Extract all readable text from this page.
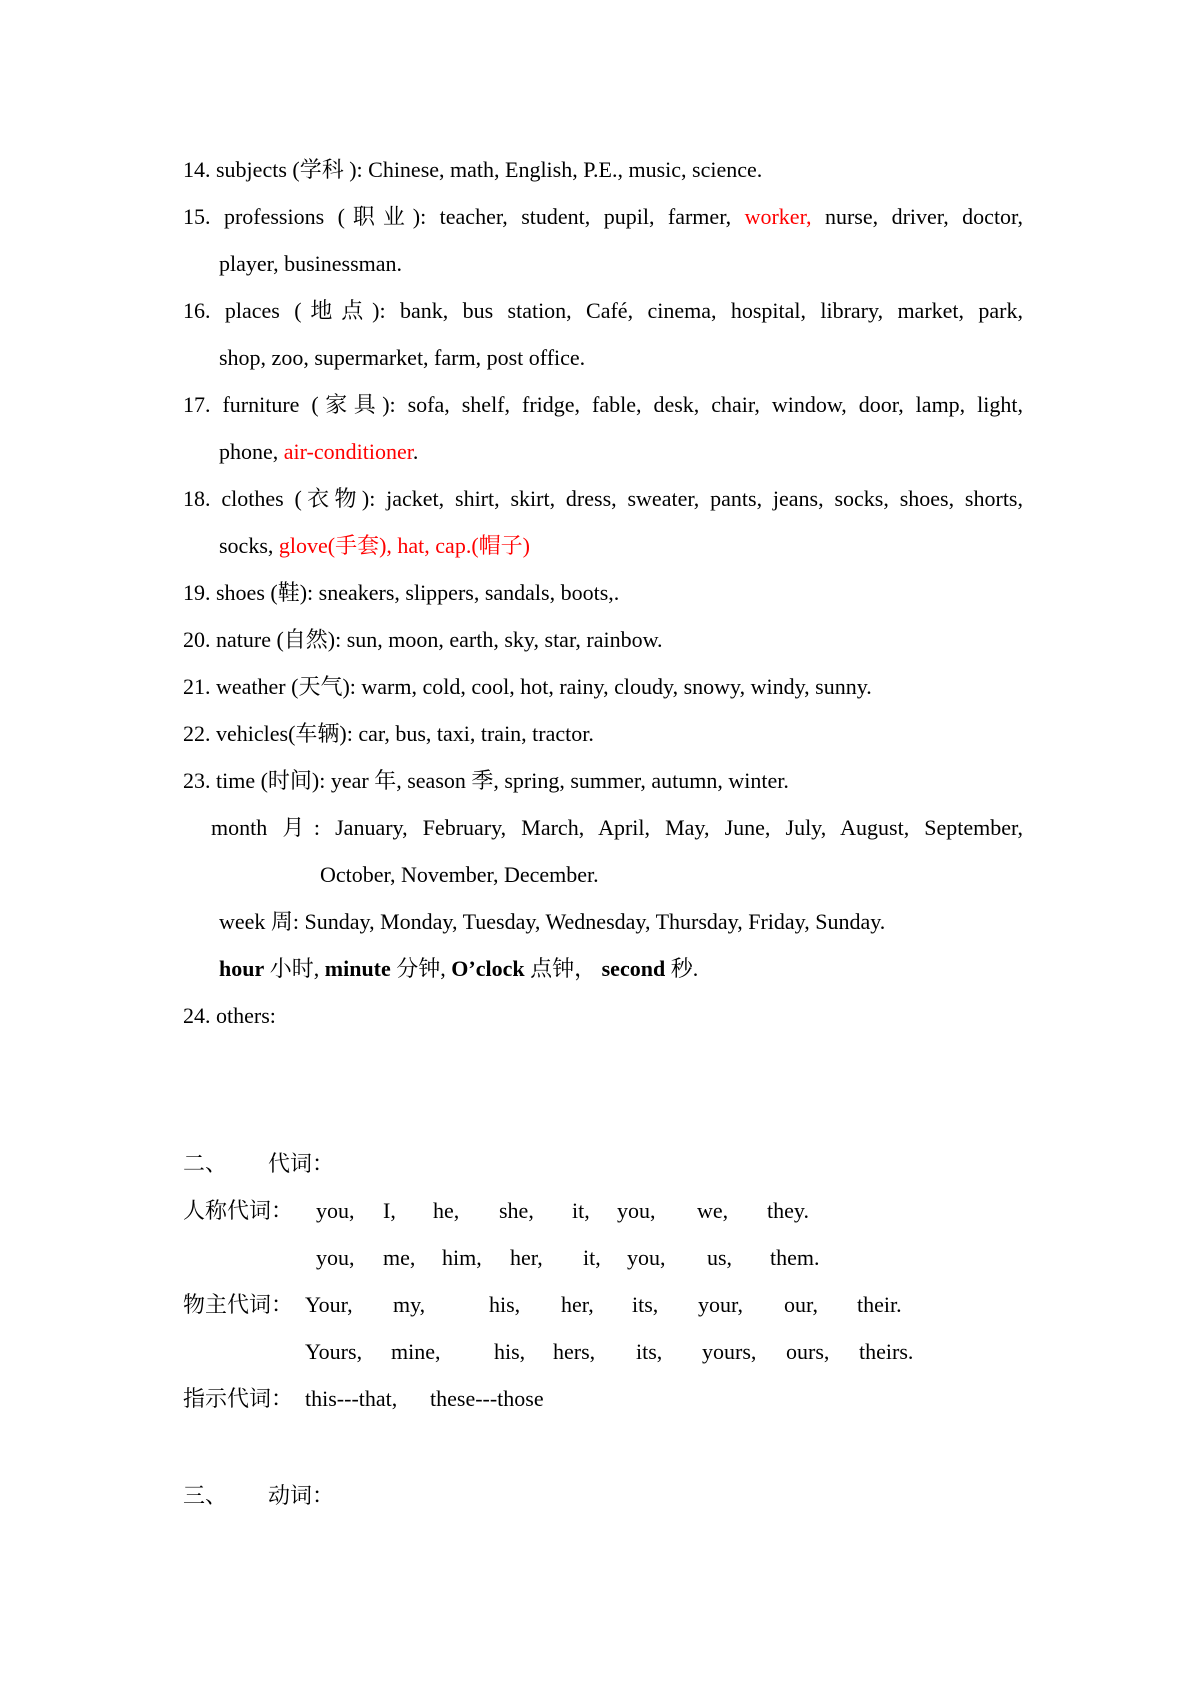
14. subjects (学科 ): Chinese, math, English, P.E., music, science.
15. professions (职业): teacher, student, pupil, farmer, worker, nurse, driver, doctor,
player, businessman.
16. places (地点): bank, bus station, Café, cinema, hospital, library, market, park,
shop, zoo, supermarket, farm, post office.
17. furniture (家具): sofa, shelf, fridge, fable, desk, chair, window, door, lamp, light,
phone, air-conditioner.
18. clothes (衣物): jacket, shirt, skirt, dress, sweater, pants, jeans, socks, shoes, shorts,
socks, glove(手套), hat, cap.(帽子)
19. shoes (鞋): sneakers, slippers, sandals, boots,.
20. nature (自然): sun, moon, earth, sky, star, rainbow.
21. weather (天气): warm, cold, cool, hot, rainy, cloudy, snowy, windy, sunny.
22. vehicles(车辆): car, bus, taxi, train, tractor.
23. time (时间): year 年, season 季, spring, summer, autumn, winter.
month 月: January, February, March, April, May, June, July, August, September,
October, November, December.
week 周: Sunday, Monday, Tuesday, Wednesday, Thursday, Friday, Sunday.
hour 小时, minute 分钟, O’clock 点钟， second 秒.
24. others:
二、 代词：
人称代词： you, I, he, she, it, you, we, they.
you, me, him, her, it, you, us, them.
物主代词： Your, my,	his, her, its, your, our, their.
Yours, mine, his, hers, its, yours, ours, theirs.
指示代词： this---that, these---those
三、 动词：
